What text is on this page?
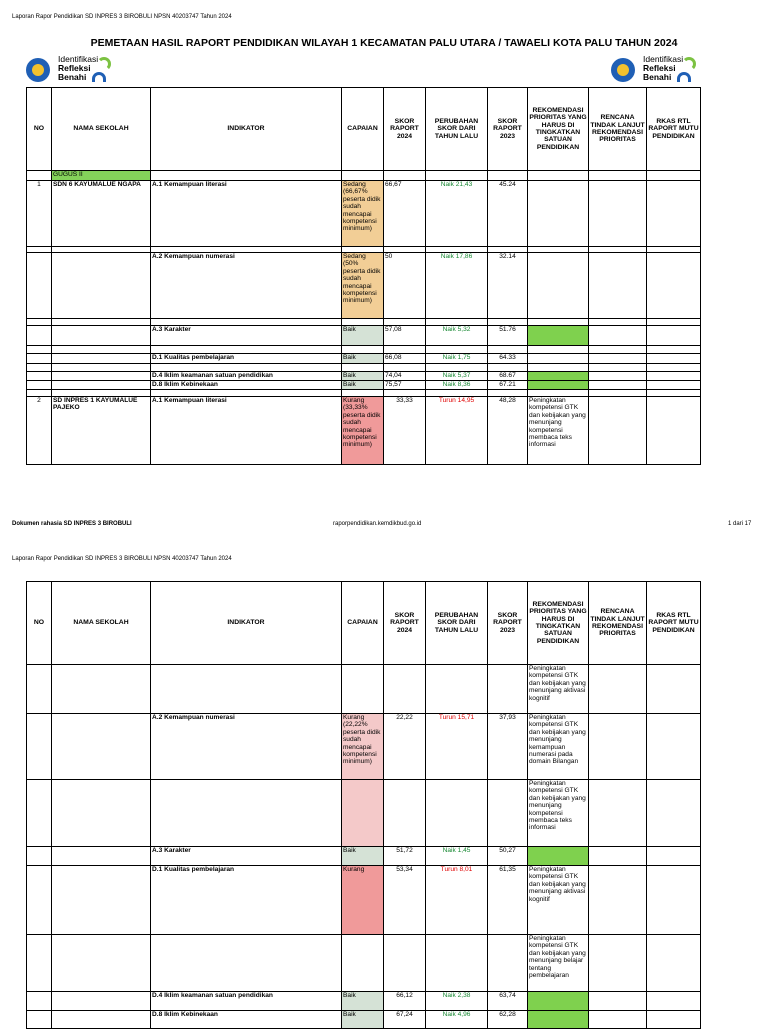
Laporan Rapor Pendidikan SD INPRES 3 BIROBULI NPSN 40203747 Tahun 2024
PEMETAAN HASIL RAPORT PENDIDIKAN WILAYAH 1 KECAMATAN PALU UTARA / TAWAELI KOTA PALU TAHUN 2024
Identifikasi
Refleksi
Benahi
Identifikasi
Refleksi
Benahi
NO	NAMA SEKOLAH	INDIKATOR	CAPAIAN	SKOR RAPORT 2024	PERUBAHAN SKOR DARI TAHUN LALU	SKOR RAPORT 2023	REKOMENDASI PRIORITAS YANG HARUS DI TINGKATKAN SATUAN PENDIDIKAN	RENCANA TINDAK LANJUT REKOMENDASI PRIORITAS	RKAS RTL RAPORT MUTU PENDIDIKAN
	GUGUS II								
1	SDN 6 KAYUMALUE NGAPA	A.1 Kemampuan literasi	Sedang (66,67% peserta didik sudah mencapai kompetensi minimum)	66,67	Naik 21,43	45.24			

		A.2 Kemampuan numerasi	Sedang (50% peserta didik sudah mencapai kompetensi minimum)	50	Naik 17,86	32.14			

		A.3 Karakter	Baik	57,08	Naik 5,32	51.76			

		D.1 Kualitas pembelajaran	Baik	66,08	Naik 1,75	64.33			

		D.4 Iklim keamanan satuan pendidikan	Baik	74,04	Naik 5,37	68.67			
		D.8 Iklim Kebinekaan	Baik	75,57	Naik 8,36	67.21			

2	SD INPRES 1 KAYUMALUE PAJEKO	A.1 Kemampuan literasi	Kurang (33,33% peserta didik sudah mencapai kompetensi minimum)	33,33	Turun 14,95	48,28	Peningkatan kompetensi GTK dan kebijakan yang menunjang kompetensi membaca teks informasi		
Dokumen rahasia SD INPRES 3 BIROBULI	raporpendidikan.kemdikbud.go.id	1 dari 17
Laporan Rapor Pendidikan SD INPRES 3 BIROBULI NPSN 40203747 Tahun 2024
NO	NAMA SEKOLAH	INDIKATOR	CAPAIAN	SKOR RAPORT 2024	PERUBAHAN SKOR DARI TAHUN LALU	SKOR RAPORT 2023	REKOMENDASI PRIORITAS YANG HARUS DI TINGKATKAN SATUAN PENDIDIKAN	RENCANA TINDAK LANJUT REKOMENDASI PRIORITAS	RKAS RTL RAPORT MUTU PENDIDIKAN
							Peningkatan kompetensi GTK dan kebijakan yang menunjang aktivasi kognitif		
		A.2 Kemampuan numerasi	Kurang (22,22% peserta didik sudah mencapai kompetensi minimum)	22,22	Turun 15,71	37,93	Peningkatan kompetensi GTK dan kebijakan yang menunjang kemampuan numerasi pada domain Bilangan		
							Peningkatan kompetensi GTK dan kebijakan yang menunjang kompetensi membaca teks informasi		
		A.3 Karakter	Baik	51,72	Naik 1,45	50,27			
		D.1 Kualitas pembelajaran	Kurang	53,34	Turun 8,01	61,35	Peningkatan kompetensi GTK dan kebijakan yang menunjang aktivasi kognitif		
							Peningkatan kompetensi GTK dan kebijakan yang menunjang belajar tentang pembelajaran		
		D.4 Iklim keamanan satuan pendidikan	Baik	66,12	Naik 2,38	63,74			
		D.8 Iklim Kebinekaan	Baik	67,24	Naik 4,96	62,28			
